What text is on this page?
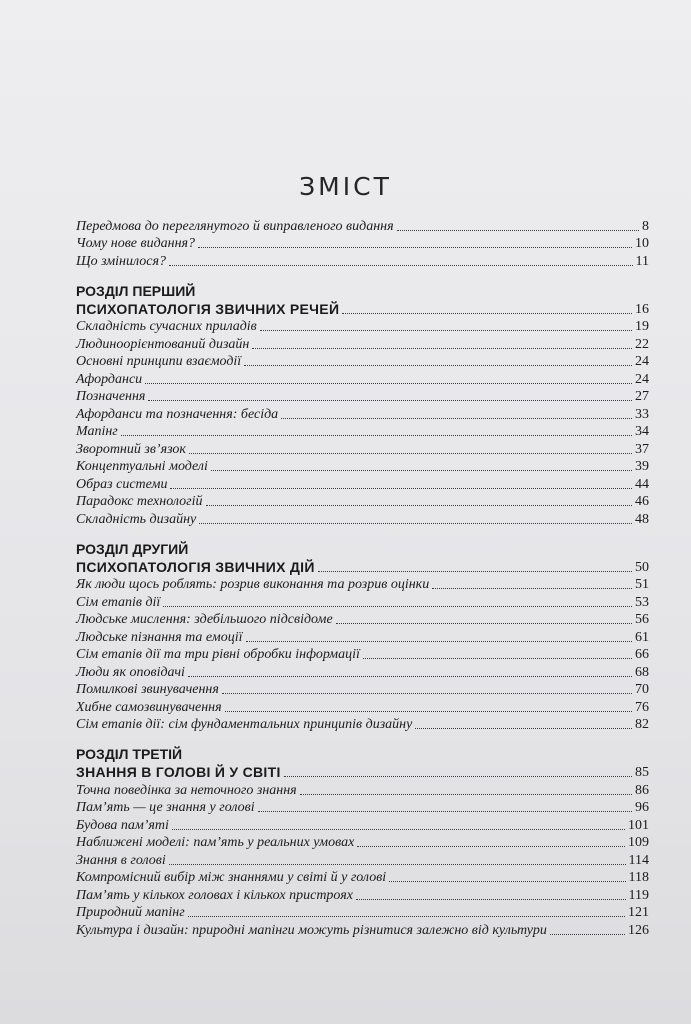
ЗМІСТ
Передмова до переглянутого й виправленого видання	8
Чому нове видання?	10
Що змінилося?	11
РОЗДІЛ ПЕРШИЙ
ПСИХОПАТОЛОГІЯ ЗВИЧНИХ РЕЧЕЙ	16
Складність сучасних приладів	19
Людиноорієнтований дизайн	22
Основні принципи взаємодії	24
Афорданси	24
Позначення	27
Афорданси та позначення: бесіда	33
Мапінг	34
Зворотний зв’язок	37
Концептуальні моделі	39
Образ системи	44
Парадокс технологій	46
Складність дизайну	48
РОЗДІЛ ДРУГИЙ
ПСИХОПАТОЛОГІЯ ЗВИЧНИХ ДІЙ	50
Як люди щось роблять: розрив виконання та розрив оцінки	51
Сім етапів дії	53
Людське мислення: здебільшого підсвідоме	56
Людське пізнання та емоції	61
Сім етапів дії та три рівні обробки інформації	66
Люди як оповідачі	68
Помилкові звинувачення	70
Хибне самозвинувачення	76
Сім етапів дії: сім фундаментальних принципів дизайну	82
РОЗДІЛ ТРЕТІЙ
ЗНАННЯ В ГОЛОВІ Й У СВІТІ	85
Точна поведінка за неточного знання	86
Пам’ять — це знання у голові	96
Будова пам’яті	101
Наближені моделі: пам’ять у реальних умовах	109
Знання в голові	114
Компромісний вибір між знаннями у світі й у голові	118
Пам’ять у кількох головах і кількох пристроях	119
Природний мапінг	121
Культура і дизайн: природні мапінги можуть різнитися залежно від культури	126
